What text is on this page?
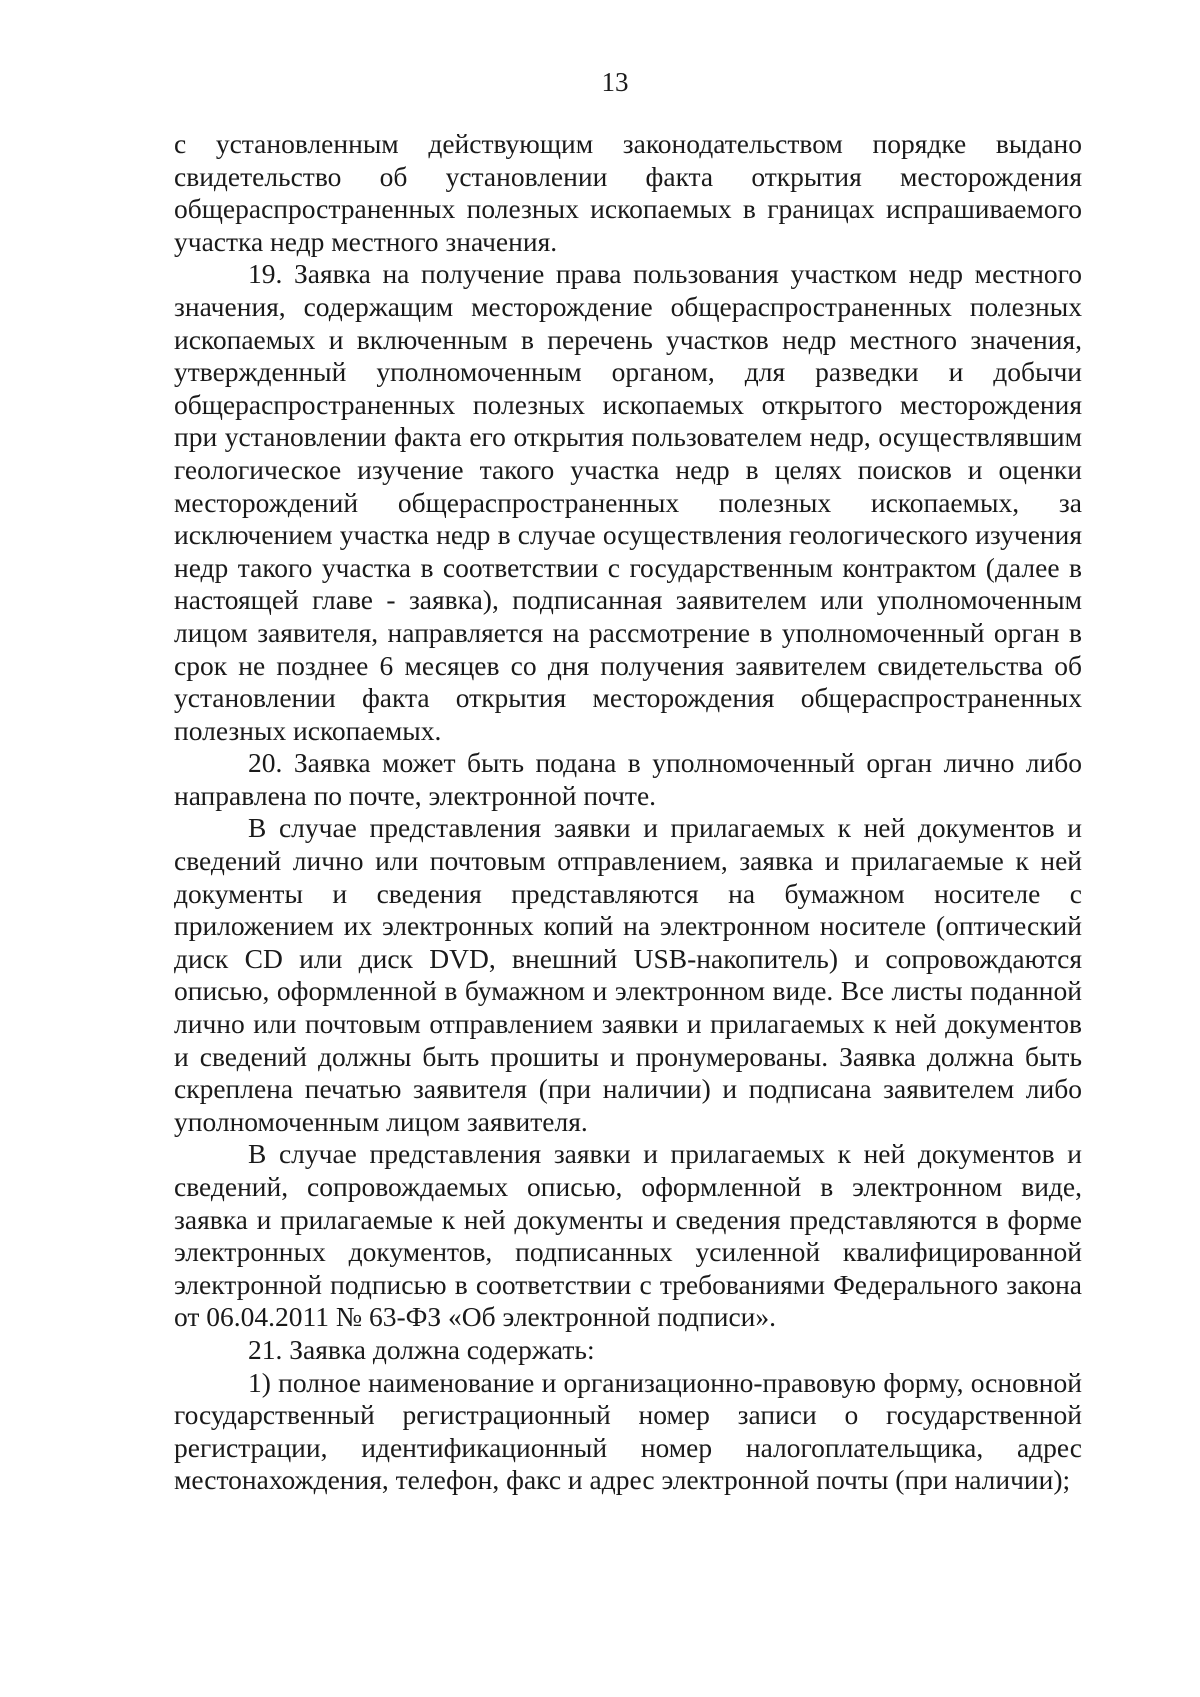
13

с установленным действующим законодательством порядке выдано свидетельство об установлении факта открытия месторождения общераспространенных полезных ископаемых в границах испрашиваемого участка недр местного значения.

19. Заявка на получение права пользования участком недр местного значения, содержащим месторождение общераспространенных полезных ископаемых и включенным в перечень участков недр местного значения, утвержденный уполномоченным органом, для разведки и добычи общераспространенных полезных ископаемых открытого месторождения при установлении факта его открытия пользователем недр, осуществлявшим геологическое изучение такого участка недр в целях поисков и оценки месторождений общераспространенных полезных ископаемых, за исключением участка недр в случае осуществления геологического изучения недр такого участка в соответствии с государственным контрактом (далее в настоящей главе - заявка), подписанная заявителем или уполномоченным лицом заявителя, направляется на рассмотрение в уполномоченный орган в срок не позднее 6 месяцев со дня получения заявителем свидетельства об установлении факта открытия месторождения общераспространенных полезных ископаемых.

20. Заявка может быть подана в уполномоченный орган лично либо направлена по почте, электронной почте.

В случае представления заявки и прилагаемых к ней документов и сведений лично или почтовым отправлением, заявка и прилагаемые к ней документы и сведения представляются на бумажном носителе с приложением их электронных копий на электронном носителе (оптический диск CD или диск DVD, внешний USB-накопитель) и сопровождаются описью, оформленной в бумажном и электронном виде. Все листы поданной лично или почтовым отправлением заявки и прилагаемых к ней документов и сведений должны быть прошиты и пронумерованы. Заявка должна быть скреплена печатью заявителя (при наличии) и подписана заявителем либо уполномоченным лицом заявителя.

В случае представления заявки и прилагаемых к ней документов и сведений, сопровождаемых описью, оформленной в электронном виде, заявка и прилагаемые к ней документы и сведения представляются в форме электронных документов, подписанных усиленной квалифицированной электронной подписью в соответствии с требованиями Федерального закона от 06.04.2011 № 63-ФЗ «Об электронной подписи».

21. Заявка должна содержать:

1) полное наименование и организационно-правовую форму, основной государственный регистрационный номер записи о государственной регистрации, идентификационный номер налогоплательщика, адрес местонахождения, телефон, факс и адрес электронной почты (при наличии);
